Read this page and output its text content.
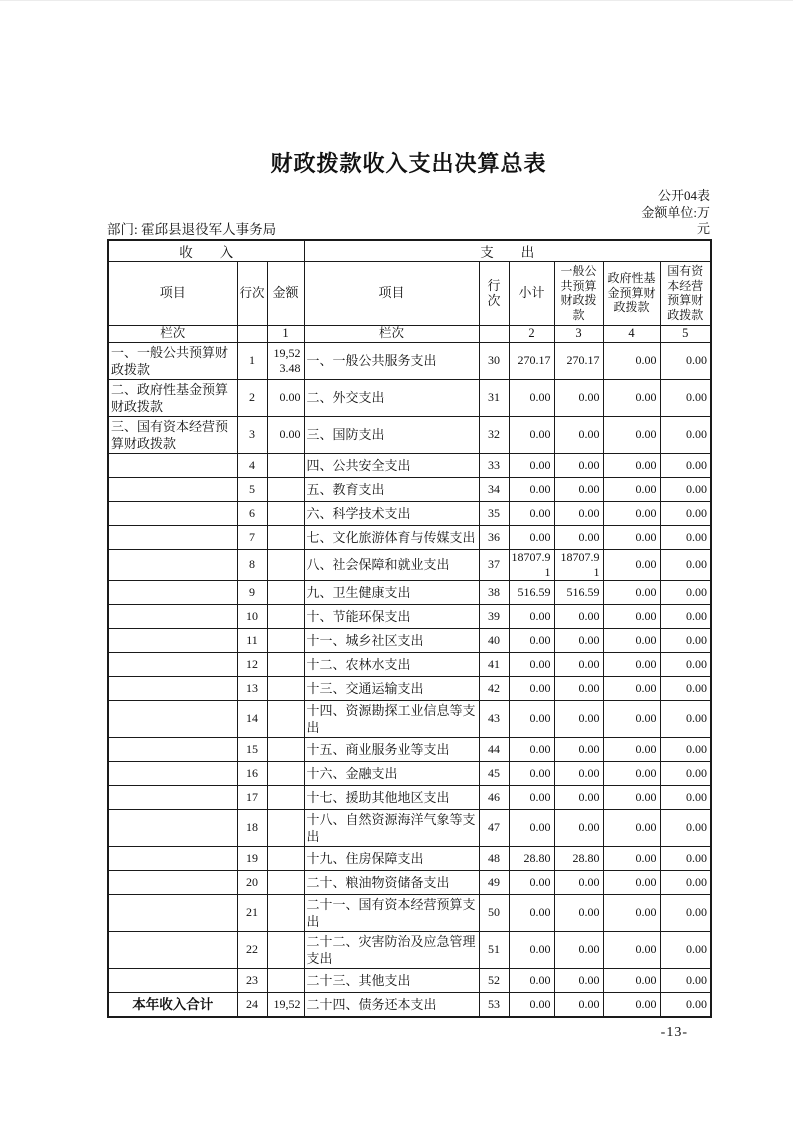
财政拨款收入支出决算总表
部门: 霍邱县退役军人事务局
公开04表
金额单位:万元
收　　入			支　　出					
项目	行次	金额	项目	行次	小计	一般公共预算财政拨款	政府性基金预算财政拨款	国有资本经营预算财政拨款
栏次		1	栏次		2	3	4	5
一、一般公共预算财政拨款	1	19,523.48	一、一般公共服务支出	30	270.17	270.17	0.00	0.00
二、政府性基金预算财政拨款	2	0.00	二、外交支出	31	0.00	0.00	0.00	0.00
三、国有资本经营预算财政拨款	3	0.00	三、国防支出	32	0.00	0.00	0.00	0.00
	4		四、公共安全支出	33	0.00	0.00	0.00	0.00
	5		五、教育支出	34	0.00	0.00	0.00	0.00
	6		六、科学技术支出	35	0.00	0.00	0.00	0.00
	7		七、文化旅游体育与传媒支出	36	0.00	0.00	0.00	0.00
	8		八、社会保障和就业支出	37	18707.91	18707.91	0.00	0.00
	9		九、卫生健康支出	38	516.59	516.59	0.00	0.00
	10		十、节能环保支出	39	0.00	0.00	0.00	0.00
	11		十一、城乡社区支出	40	0.00	0.00	0.00	0.00
	12		十二、农林水支出	41	0.00	0.00	0.00	0.00
	13		十三、交通运输支出	42	0.00	0.00	0.00	0.00
	14		十四、资源勘探工业信息等支出	43	0.00	0.00	0.00	0.00
	15		十五、商业服务业等支出	44	0.00	0.00	0.00	0.00
	16		十六、金融支出	45	0.00	0.00	0.00	0.00
	17		十七、援助其他地区支出	46	0.00	0.00	0.00	0.00
	18		十八、自然资源海洋气象等支出	47	0.00	0.00	0.00	0.00
	19		十九、住房保障支出	48	28.80	28.80	0.00	0.00
	20		二十、粮油物资储备支出	49	0.00	0.00	0.00	0.00
	21		二十一、国有资本经营预算支出	50	0.00	0.00	0.00	0.00
	22		二十二、灾害防治及应急管理支出	51	0.00	0.00	0.00	0.00
	23		二十三、其他支出	52	0.00	0.00	0.00	0.00
本年收入合计	24	19,52	二十四、债务还本支出	53	0.00	0.00	0.00	0.00
-13-
